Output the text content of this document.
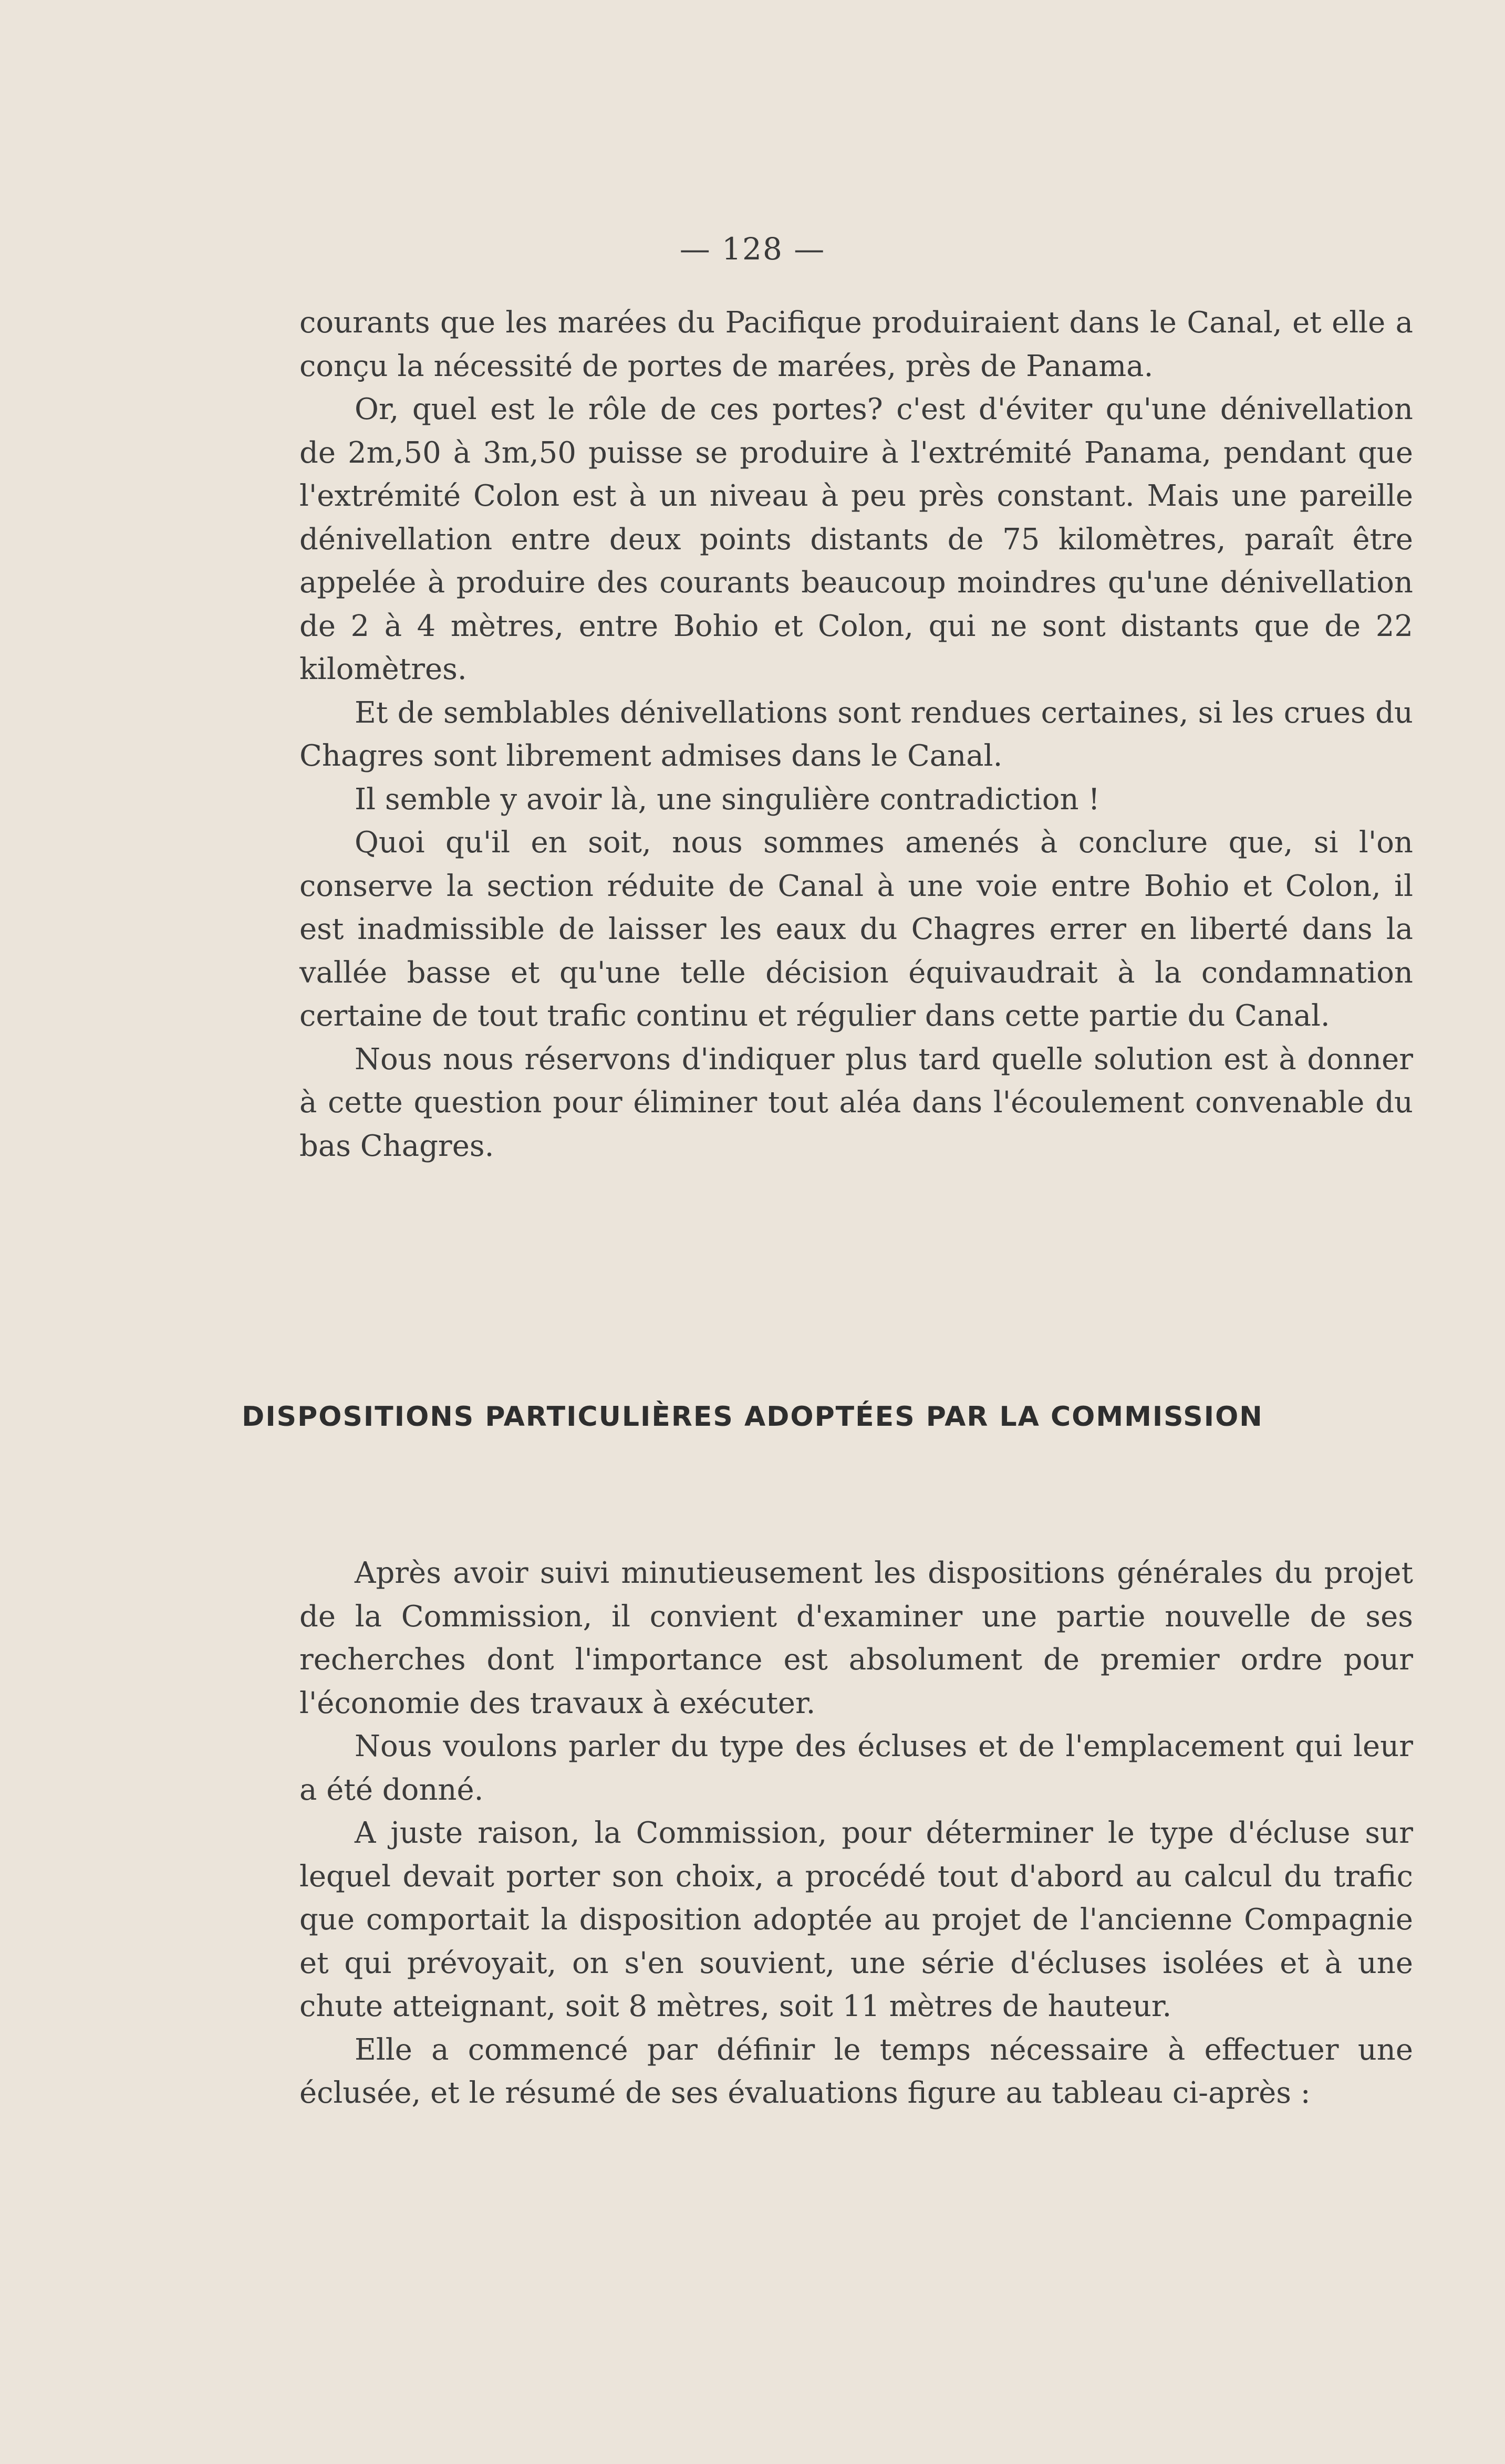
— 128 —

courants que les marées du Pacifique produiraient dans le Canal, et elle a conçu la nécessité de portes de marées, près de Panama.

Or, quel est le rôle de ces portes? c'est d'éviter qu'une dénivellation de 2m,50 à 3m,50 puisse se produire à l'extrémité Panama, pendant que l'extrémité Colon est à un niveau à peu près constant. Mais une pareille dénivellation entre deux points distants de 75 kilomètres, paraît être appelée à produire des courants beaucoup moindres qu'une dénivellation de 2 à 4 mètres, entre Bohio et Colon, qui ne sont distants que de 22 kilomètres.

Et de semblables dénivellations sont rendues certaines, si les crues du Chagres sont librement admises dans le Canal.

Il semble y avoir là, une singulière contradiction !

Quoi qu'il en soit, nous sommes amenés à conclure que, si l'on conserve la section réduite de Canal à une voie entre Bohio et Colon, il est inadmissible de laisser les eaux du Chagres errer en liberté dans la vallée basse et qu'une telle décision équivaudrait à la condamnation certaine de tout trafic continu et régulier dans cette partie du Canal.

Nous nous réservons d'indiquer plus tard quelle solution est à donner à cette question pour éliminer tout aléa dans l'écoulement convenable du bas Chagres.

DISPOSITIONS PARTICULIÈRES ADOPTÉES PAR LA COMMISSION

Après avoir suivi minutieusement les dispositions générales du projet de la Commission, il convient d'examiner une partie nouvelle de ses recherches dont l'importance est absolument de premier ordre pour l'économie des travaux à exécuter.

Nous voulons parler du type des écluses et de l'emplacement qui leur a été donné.

A juste raison, la Commission, pour déterminer le type d'écluse sur lequel devait porter son choix, a procédé tout d'abord au calcul du trafic que comportait la disposition adoptée au projet de l'ancienne Compagnie et qui prévoyait, on s'en souvient, une série d'écluses isolées et à une chute atteignant, soit 8 mètres, soit 11 mètres de hauteur.

Elle a commencé par définir le temps nécessaire à effectuer une éclusée, et le résumé de ses évaluations figure au tableau ci-après :
